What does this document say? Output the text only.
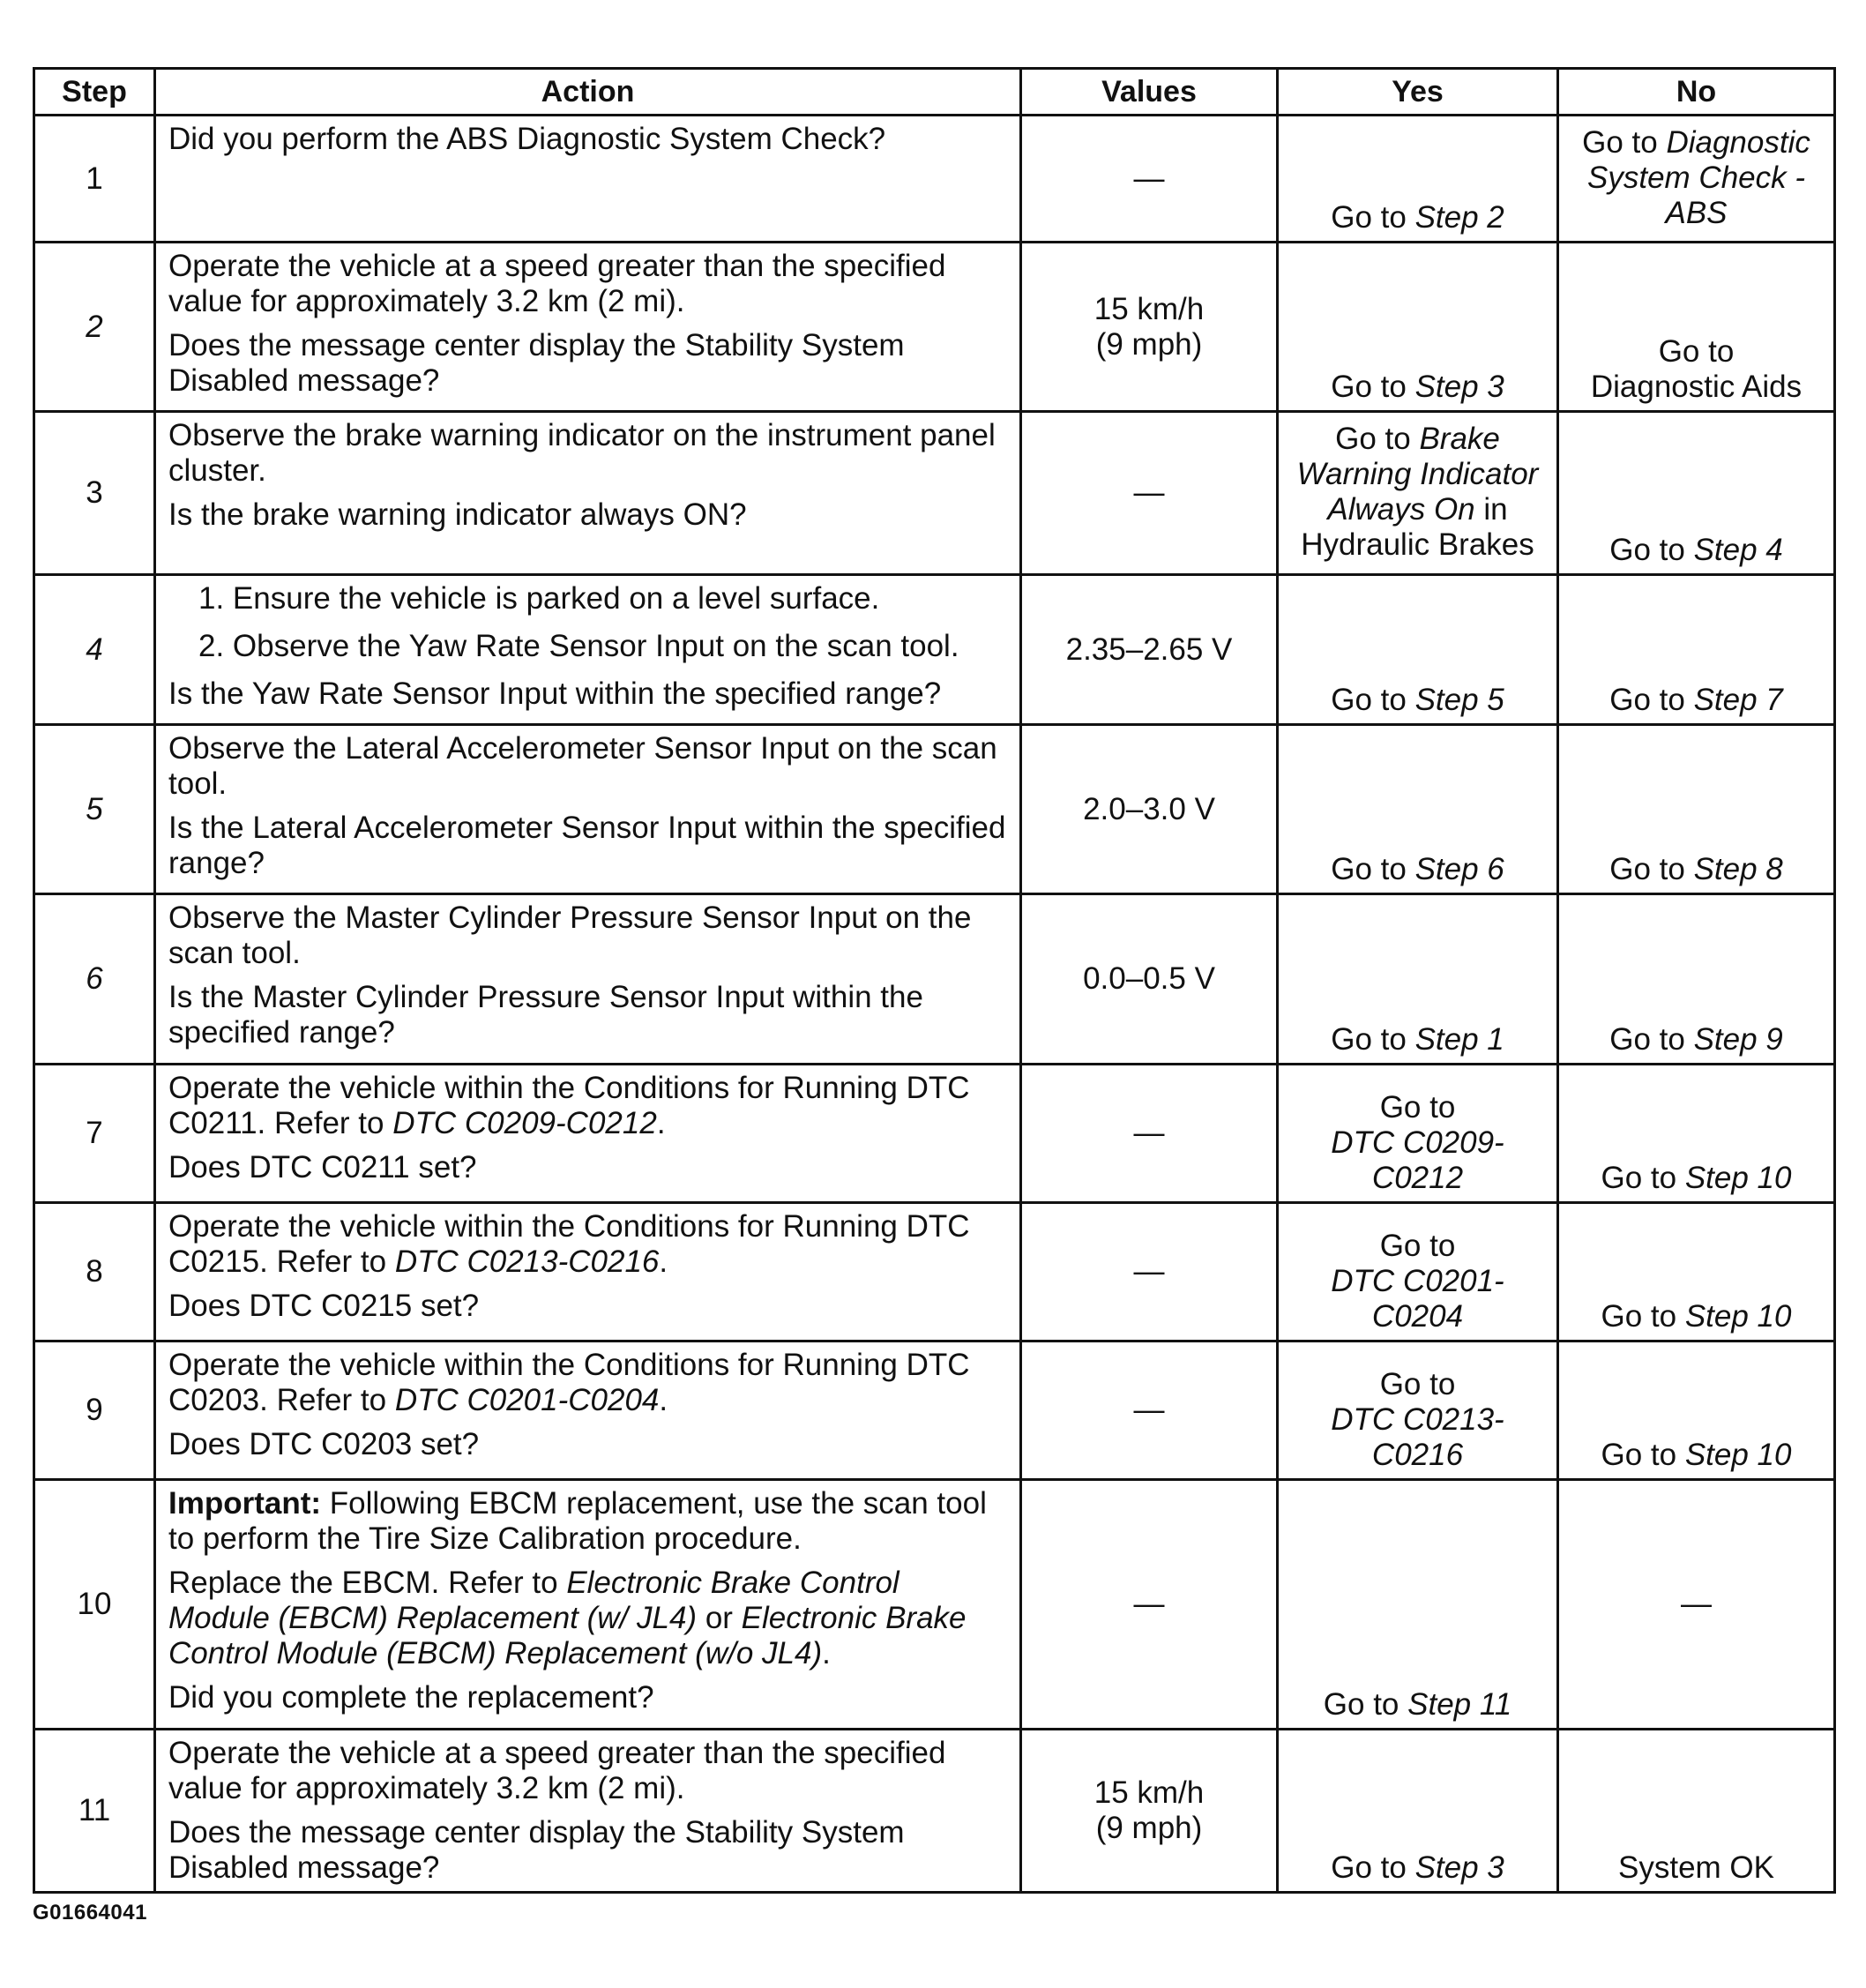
Step	Action	Values	Yes	No
1	Did you perform the ABS Diagnostic System Check?	—	Go to Step 2	Go to Diagnostic System Check - ABS
2	Operate the vehicle at a speed greater than the specified value for approximately 3.2 km (2 mi).
Does the message center display the Stability System Disabled message?	15 km/h
(9 mph)	Go to Step 3	Go to
Diagnostic Aids

3	Observe the brake warning indicator on the instrument panel cluster.
Is the brake warning indicator always ON?	—	Go to Brake Warning Indicator Always On in Hydraulic Brakes	Go to Step 4
4	1. Ensure the vehicle is parked on a level surface.
2. Observe the Yaw Rate Sensor Input on the scan tool.
Is the Yaw Rate Sensor Input within the specified range?	2.35–2.65 V	Go to Step 5	Go to Step 7
5	Observe the Lateral Accelerometer Sensor Input on the scan tool.
Is the Lateral Accelerometer Sensor Input within the specified range?	2.0–3.0 V	Go to Step 6	Go to Step 8
6	Observe the Master Cylinder Pressure Sensor Input on the scan tool.
Is the Master Cylinder Pressure Sensor Input within the specified range?	0.0–0.5 V	Go to Step 1	Go to Step 9
7	Operate the vehicle within the Conditions for Running DTC C0211. Refer to DTC C0209-C0212.
Does DTC C0211 set?	—	Go to
DTC C0209-C0212	Go to Step 10
8	Operate the vehicle within the Conditions for Running DTC C0215. Refer to DTC C0213-C0216.
Does DTC C0215 set?	—	Go to
DTC C0201-C0204	Go to Step 10
9	Operate the vehicle within the Conditions for Running DTC C0203. Refer to DTC C0201-C0204.
Does DTC C0203 set?	—	Go to
DTC C0213-C0216	Go to Step 10
10	Important: Following EBCM replacement, use the scan tool to perform the Tire Size Calibration procedure.
Replace the EBCM. Refer to Electronic Brake Control Module (EBCM) Replacement (w/ JL4) or Electronic Brake Control Module (EBCM) Replacement (w/o JL4).
Did you complete the replacement?	—	Go to Step 11	—
11	Operate the vehicle at a speed greater than the specified value for approximately 3.2 km (2 mi).
Does the message center display the Stability System Disabled message?	15 km/h
(9 mph)	Go to Step 3	System OK
G01664041
